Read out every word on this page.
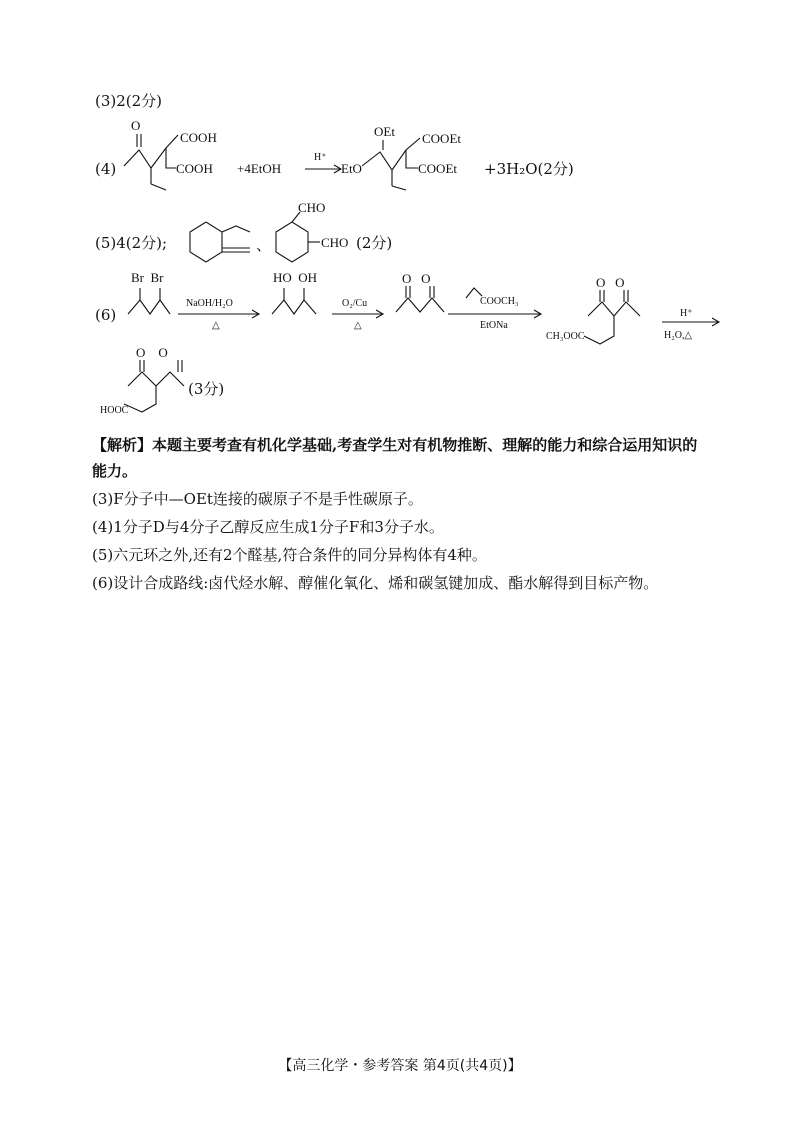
(3)2(2分)
(4)
O
COOH
COOH +4EtOH
H⁺
OEt
EtO
COOEt
COOEt +3H₂O(2分)
(5)4(2分);	、
CHO
CHO (2分)
(6)
Br  Br
NaOH/H₂O
△
HO  OH
O₂/Cu
△
O   O
COOCH₃
EtONa
O   O
CH₃OOC
H⁺
H₂O,△
O    O
HOOC
(3分)
【解析】本题主要考查有机化学基础,考查学生对有机物推断、理解的能力和综合运用知识的
能力。
(3)F分子中—OEt连接的碳原子不是手性碳原子。
(4)1分子D与4分子乙醇反应生成1分子F和3分子水。
(5)六元环之外,还有2个醛基,符合条件的同分异构体有4种。
(6)设计合成路线:卤代烃水解、醇催化氧化、烯和碳氢键加成、酯水解得到目标产物。
【高三化学・参考答案 第4页(共4页)】
